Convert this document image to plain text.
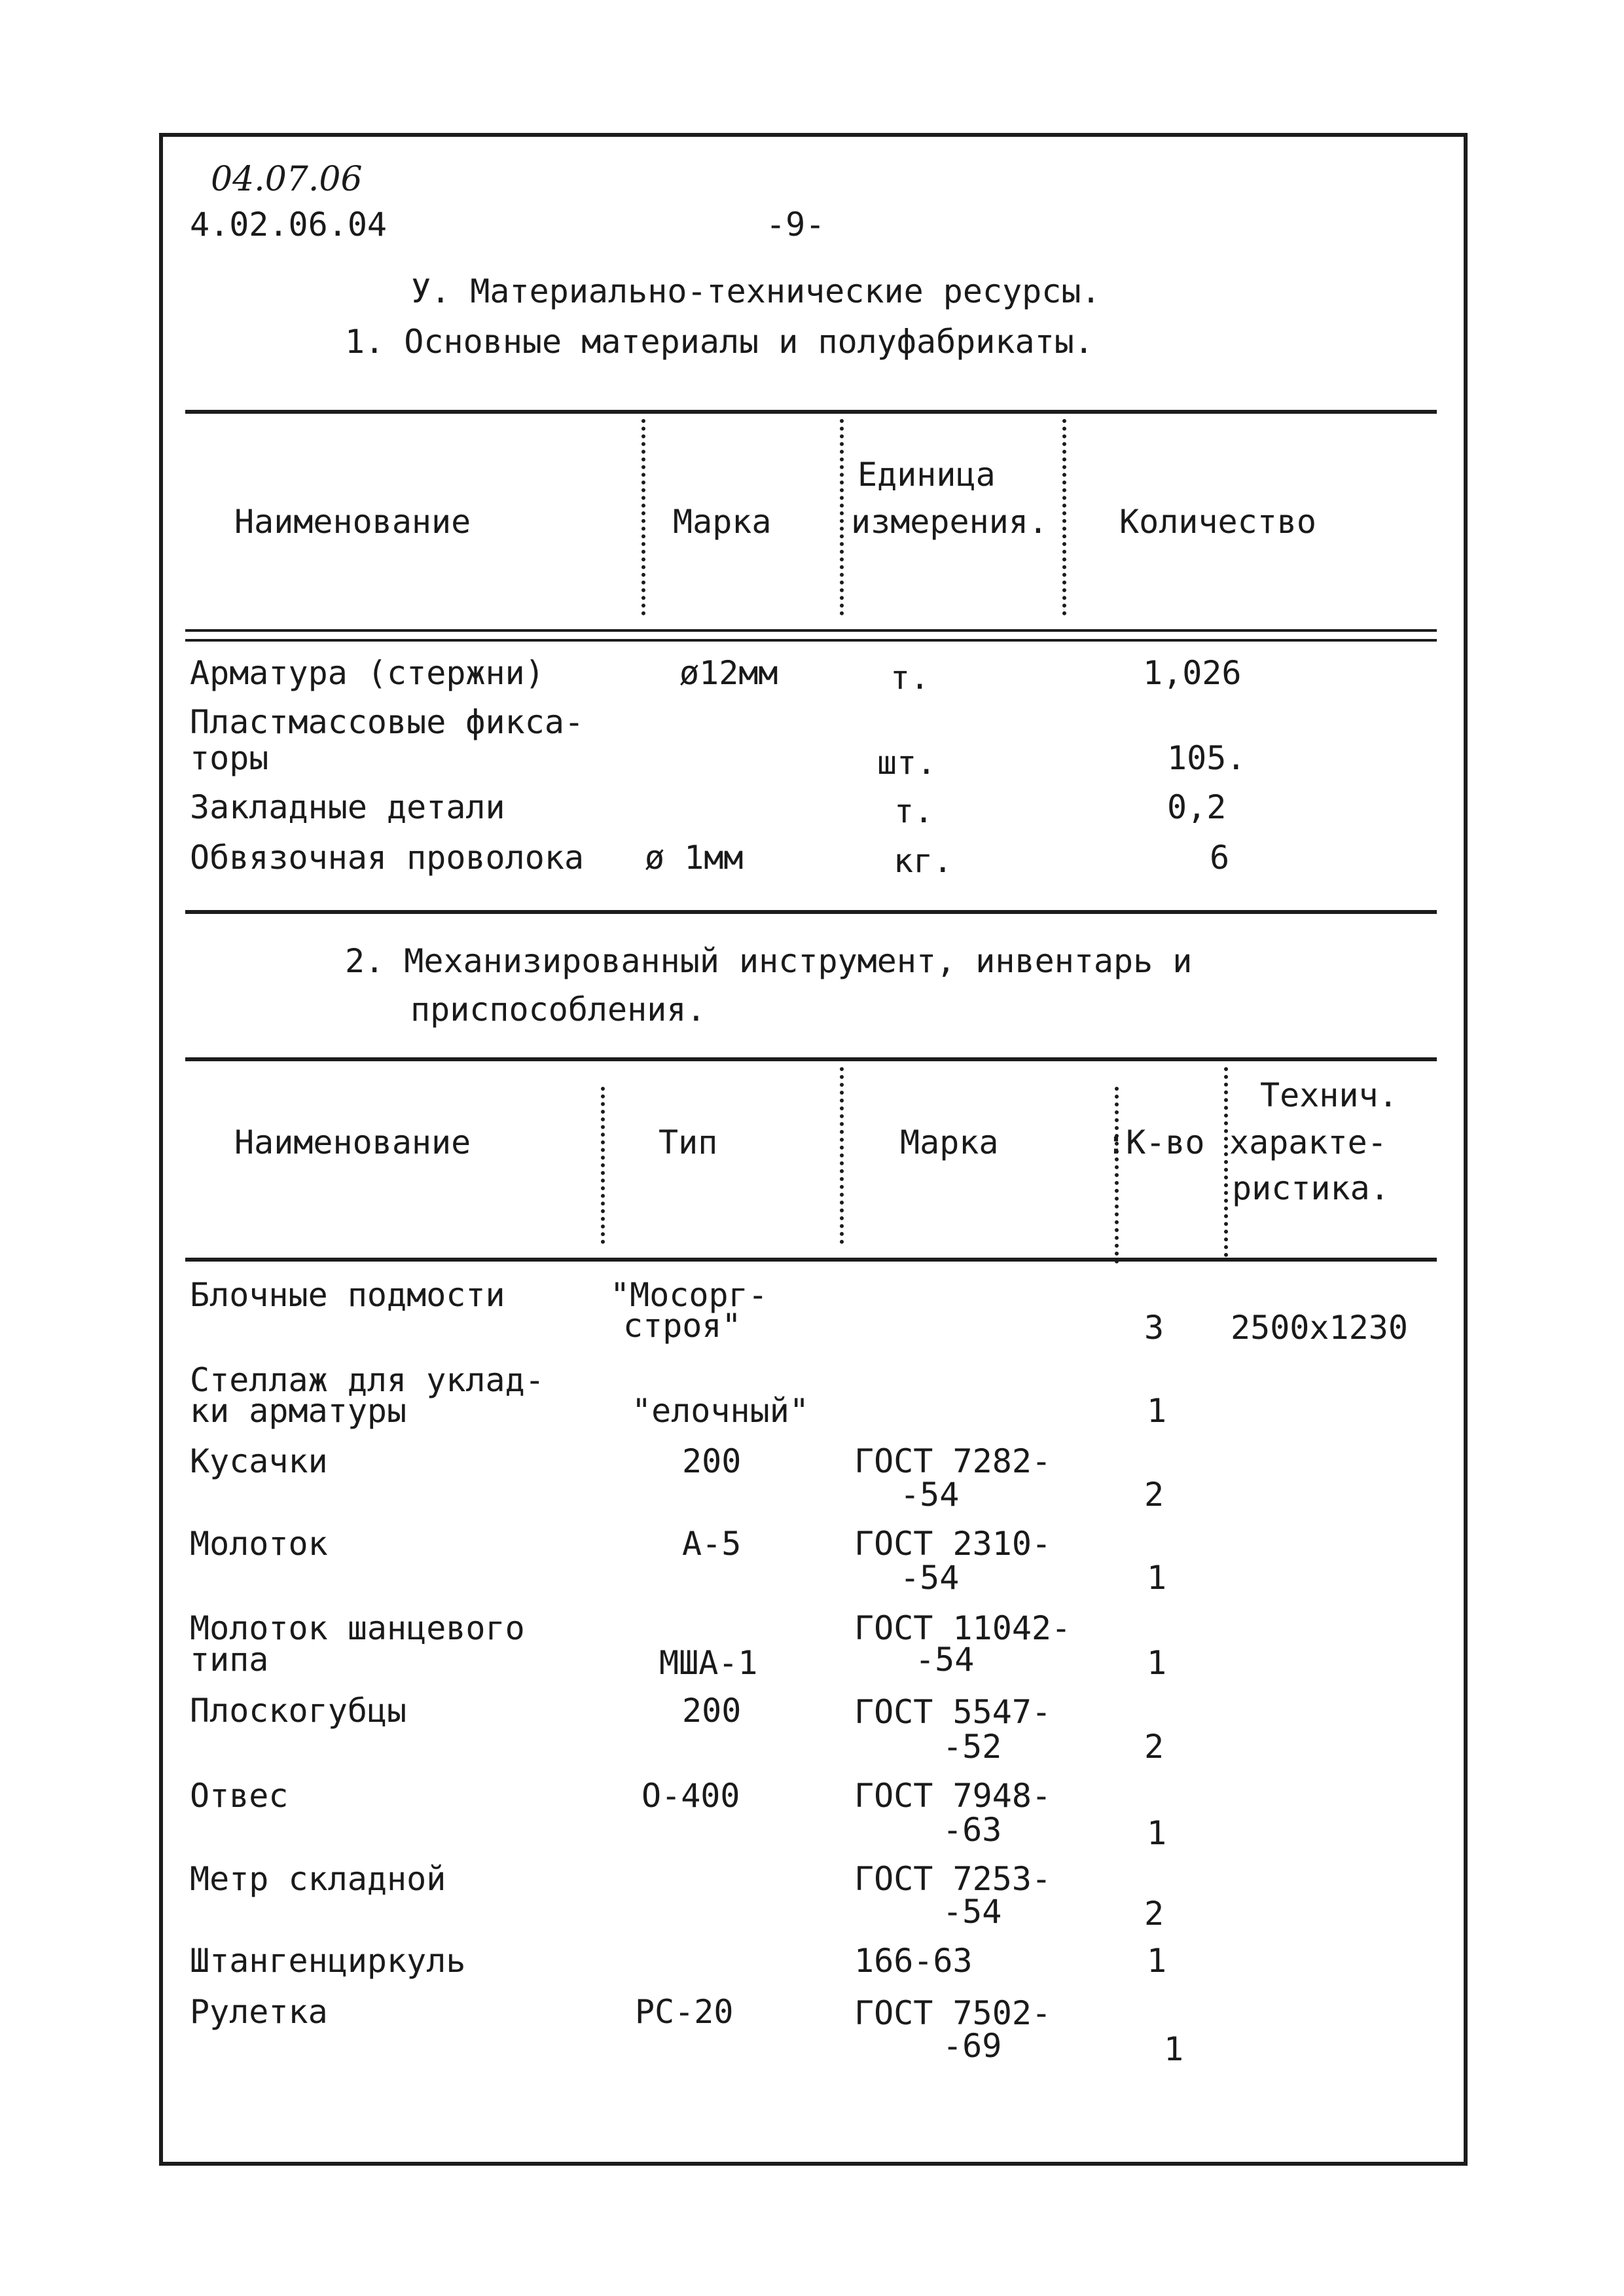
04.07.06
4.02.06.04	-9-
У. Материально-технические ресурсы.
1. Основные материалы и полуфабрикаты.
Наименование	Марка
Единица
измерения. Количество
Арматура (стержни)	ø12мм	т.	1,026
Пластмассовые фикса-
торы	шт.	105.
Закладные детали	т.	0,2
Обвязочная проволока ø 1мм	кг.	6
2. Механизированный инструмент, инвентарь и
приспособления.
Наименование	Тип	Марка	:К-во
Технич.
характе-
ристика.
Блочные подмости	"Мосорг-
строя"	3 2500x1230
Стеллаж для уклад-
ки арматуры	"елочный"	1
Кусачки	200	ГОСТ 7282-
-54	2
Молоток	А-5	ГОСТ 2310-
-54	1
Молоток шанцевого
типа	МША-1
ГОСТ 11042-
-54	1
Плоскогубцы	200	ГОСТ 5547-
-52	2
Отвес	О-400	ГОСТ 7948-
-63	1
Метр складной	ГОСТ 7253-
-54	2
Штангенциркуль	166-63	1
Рулетка	РС-20	ГОСТ 7502-
-69	1
